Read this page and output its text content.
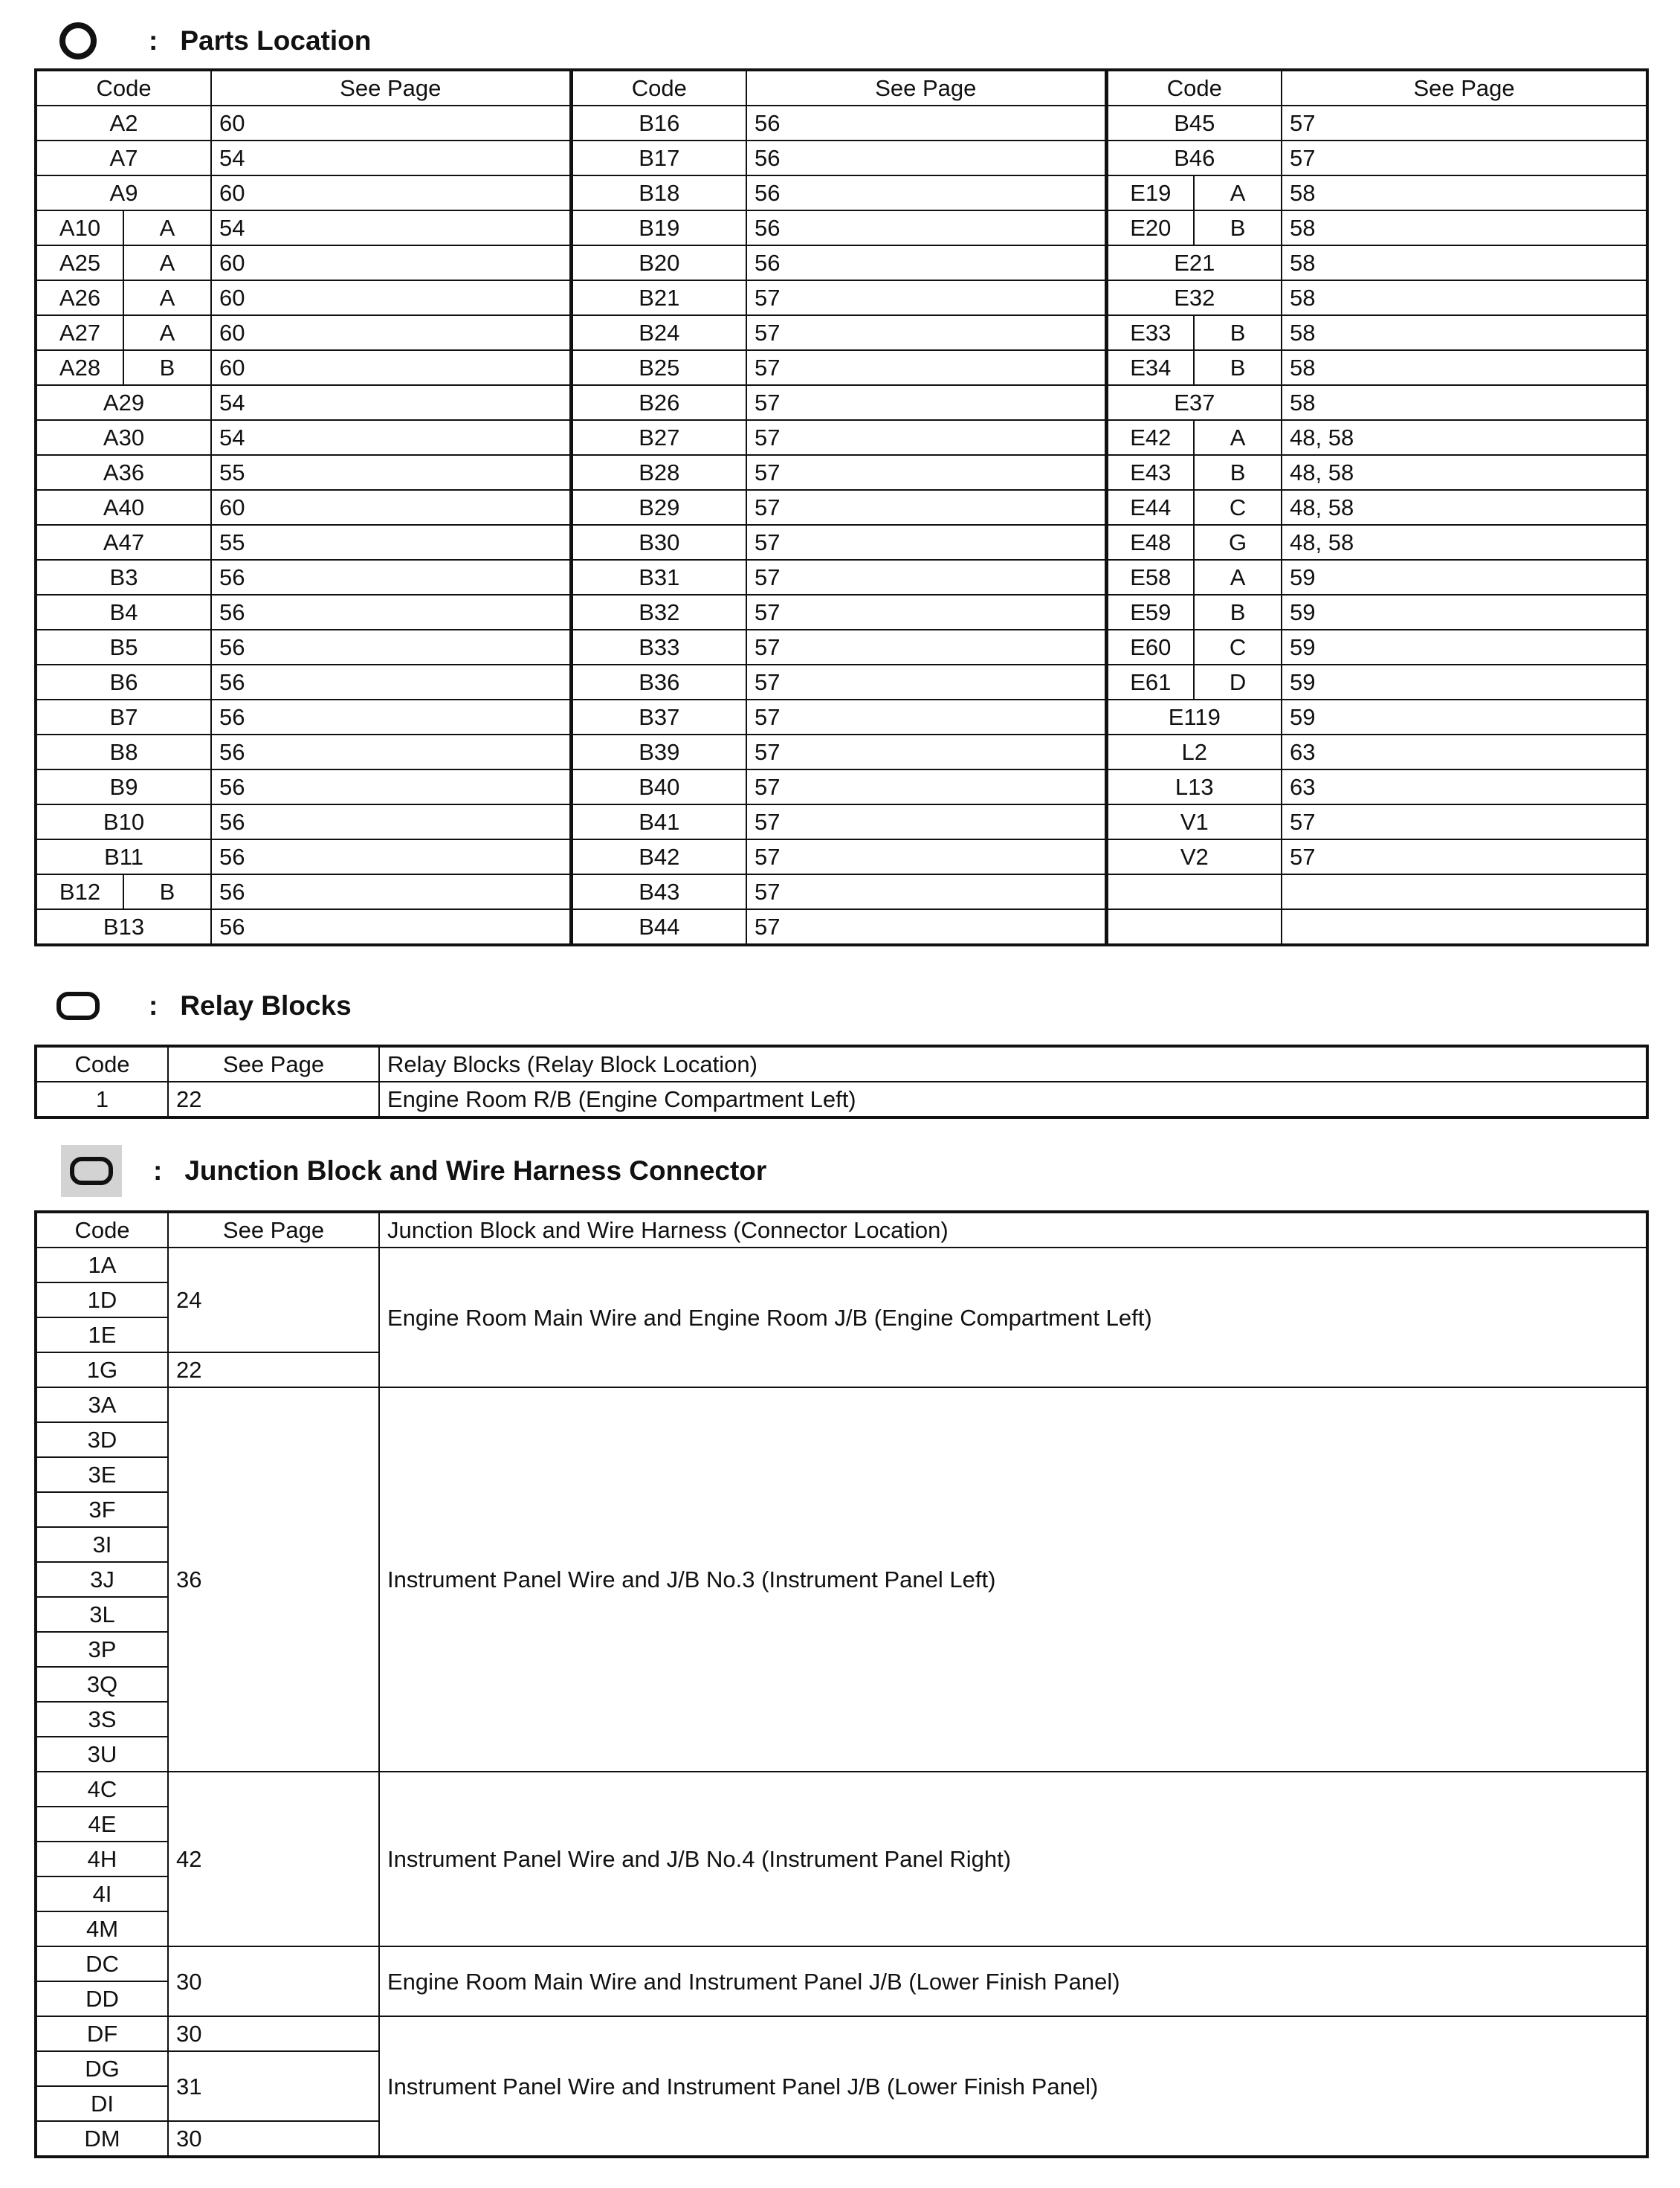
: Parts Location
Code		See Page	Code	See Page	Code		See Page
A2		60	B16	56	B45		57
A7		54	B17	56	B46		57
A9		60	B18	56	E19	A	58
A10	A	54	B19	56	E20	B	58
A25	A	60	B20	56	E21		58
A26	A	60	B21	57	E32		58
A27	A	60	B24	57	E33	B	58
A28	B	60	B25	57	E34	B	58
A29		54	B26	57	E37		58
A30		54	B27	57	E42	A	48, 58
A36		55	B28	57	E43	B	48, 58
A40		60	B29	57	E44	C	48, 58
A47		55	B30	57	E48	G	48, 58
B3		56	B31	57	E58	A	59
B4		56	B32	57	E59	B	59
B5		56	B33	57	E60	C	59
B6		56	B36	57	E61	D	59
B7		56	B37	57	E119		59
B8		56	B39	57	L2		63
B9		56	B40	57	L13		63
B10		56	B41	57	V1		57
B11		56	B42	57	V2		57
B12	B	56	B43	57			
B13		56	B44	57			
: Relay Blocks
Code	See Page	Relay Blocks (Relay Block Location)
1	22	Engine Room R/B (Engine Compartment Left)
: Junction Block and Wire Harness Connector
Code	See Page	Junction Block and Wire Harness (Connector Location)
1A	24	Engine Room Main Wire and Engine Room J/B (Engine Compartment Left)
1D		
1E		
1G	22	
3A	36	Instrument Panel Wire and J/B No.3 (Instrument Panel Left)
3D		
3E		
3F		
3I		
3J		
3L		
3P		
3Q		
3S		
3U		
4C	42	Instrument Panel Wire and J/B No.4 (Instrument Panel Right)
4E		
4H		
4I		
4M		
DC	30	Engine Room Main Wire and Instrument Panel J/B (Lower Finish Panel)
DD		
DF	30	Instrument Panel Wire and Instrument Panel J/B (Lower Finish Panel)
DG	31	
DI		
DM	30	
